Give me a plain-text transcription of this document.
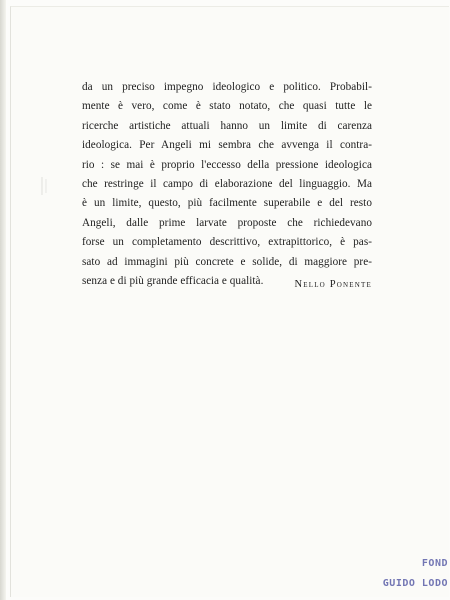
da un preciso impegno ideologico e politico. Probabil-
mente è vero, come è stato notato, che quasi tutte le
ricerche artistiche attuali hanno un limite di carenza
ideologica. Per Angeli mi sembra che avvenga il contra-
rio : se mai è proprio l'eccesso della pressione ideologica
che restringe il campo di elaborazione del linguaggio. Ma
è un limite, questo, più facilmente superabile e del resto
Angeli, dalle prime larvate proposte che richiedevano
forse un completamento descrittivo, extrapittorico, è pas-
sato ad immagini più concrete e solide, di maggiore pre-
senza e di più grande efficacia e qualità.	Nello Ponente
FOND
GUIDO LODO
